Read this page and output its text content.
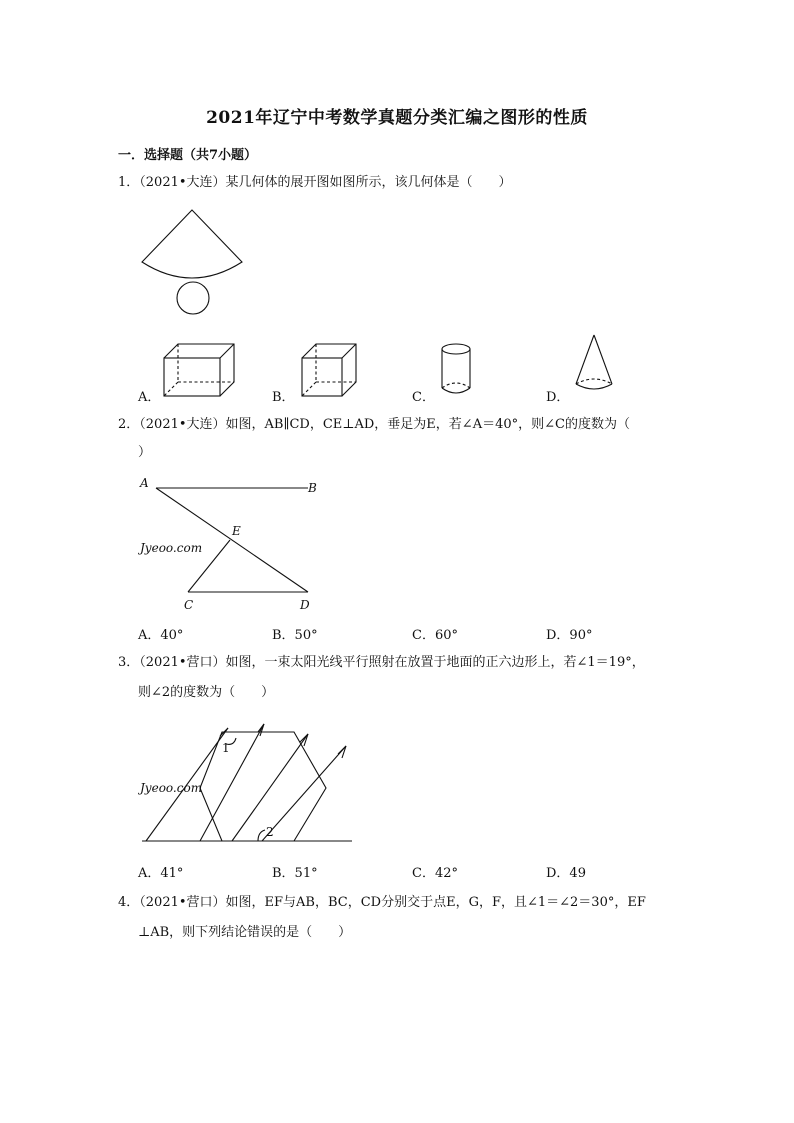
2021年辽宁中考数学真题分类汇编之图形的性质
一．选择题（共7小题）
1．（2021•大连）某几何体的展开图如图所示，该几何体是（　　）
A．	B．	C．	D．
2．（2021•大连）如图，AB∥CD，CE⊥AD，垂足为E，若∠A＝40°，则∠C的度数为（
）
A	B
E
C	D
Jyeoo.com
A．40°	B．50°	C．60°	D．90°
3．（2021•营口）如图，一束太阳光线平行照射在放置于地面的正六边形上，若∠1＝19°，
则∠2的度数为（　　）
1
2
Jyeoo.com
A．41°	B．51°	C．42°	D．49
4．（2021•营口）如图，EF与AB，BC，CD分别交于点E，G，F，且∠1＝∠2＝30°，EF
⊥AB，则下列结论错误的是（　　）
